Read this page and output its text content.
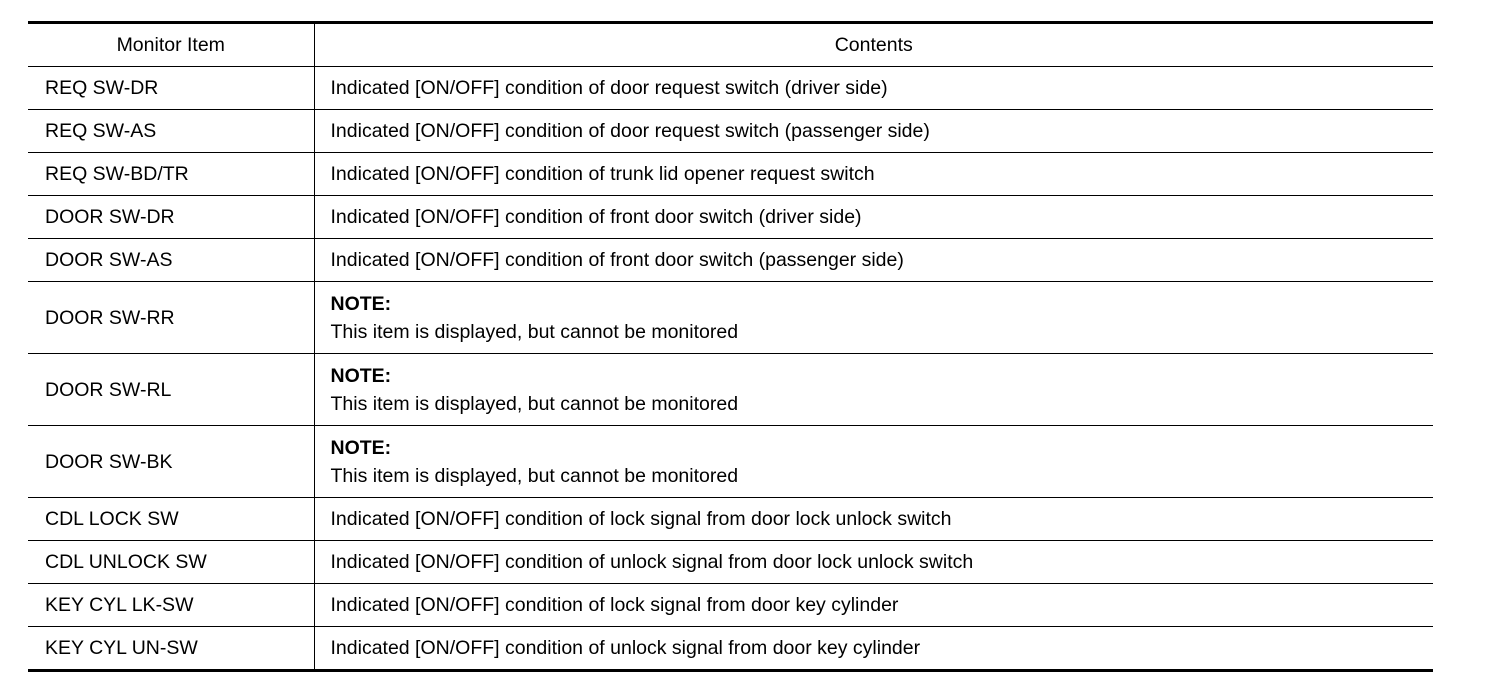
Monitor Item	Contents
REQ SW-DR	Indicated [ON/OFF] condition of door request switch (driver side)
REQ SW-AS	Indicated [ON/OFF] condition of door request switch (passenger side)
REQ SW-BD/TR	Indicated [ON/OFF] condition of trunk lid opener request switch
DOOR SW-DR	Indicated [ON/OFF] condition of front door switch (driver side)
DOOR SW-AS	Indicated [ON/OFF] condition of front door switch (passenger side)
DOOR SW-RR	NOTE:
This item is displayed, but cannot be monitored

DOOR SW-RL	NOTE:
This item is displayed, but cannot be monitored

DOOR SW-BK	NOTE:
This item is displayed, but cannot be monitored

CDL LOCK SW	Indicated [ON/OFF] condition of lock signal from door lock unlock switch
CDL UNLOCK SW	Indicated [ON/OFF] condition of unlock signal from door lock unlock switch
KEY CYL LK-SW	Indicated [ON/OFF] condition of lock signal from door key cylinder
KEY CYL UN-SW	Indicated [ON/OFF] condition of unlock signal from door key cylinder
